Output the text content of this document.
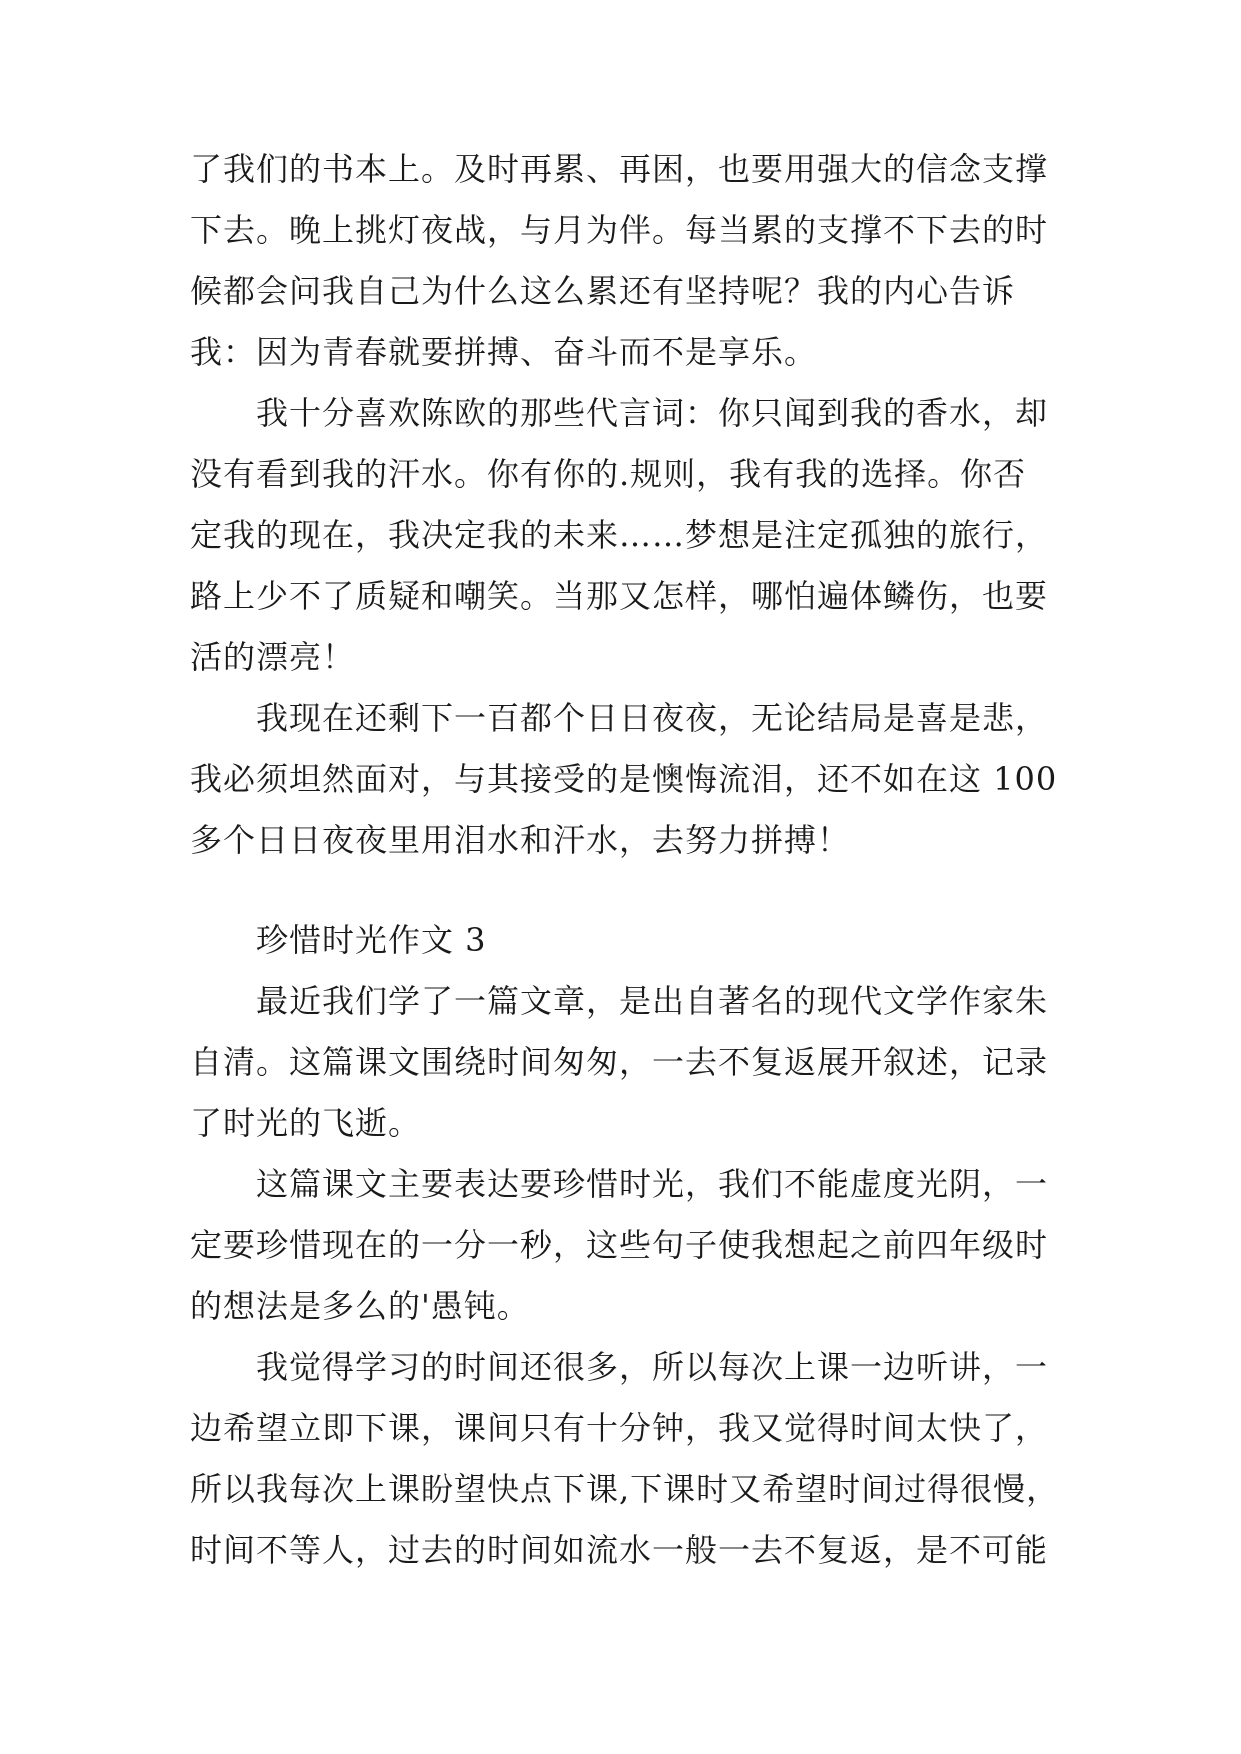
了我们的书本上。及时再累、再困，也要用强大的信念支撑

下去。晚上挑灯夜战，与月为伴。每当累的支撑不下去的时

候都会问我自己为什么这么累还有坚持呢？我的内心告诉

我：因为青春就要拼搏、奋斗而不是享乐。

我十分喜欢陈欧的那些代言词：你只闻到我的香水，却

没有看到我的汗水。你有你的.规则，我有我的选择。你否

定我的现在，我决定我的未来……梦想是注定孤独的旅行，

路上少不了质疑和嘲笑。当那又怎样，哪怕遍体鳞伤，也要

活的漂亮！

我现在还剩下一百都个日日夜夜，无论结局是喜是悲，

我必须坦然面对，与其接受的是懊悔流泪，还不如在这 100

多个日日夜夜里用泪水和汗水，去努力拼搏！

珍惜时光作文 3

最近我们学了一篇文章，是出自著名的现代文学作家朱

自清。这篇课文围绕时间匆匆，一去不复返展开叙述，记录

了时光的飞逝。

这篇课文主要表达要珍惜时光，我们不能虚度光阴，一

定要珍惜现在的一分一秒，这些句子使我想起之前四年级时

的想法是多么的'愚钝。

我觉得学习的时间还很多，所以每次上课一边听讲，一

边希望立即下课，课间只有十分钟，我又觉得时间太快了，

所以我每次上课盼望快点下课,下课时又希望时间过得很慢，

时间不等人，过去的时间如流水一般一去不复返，是不可能
